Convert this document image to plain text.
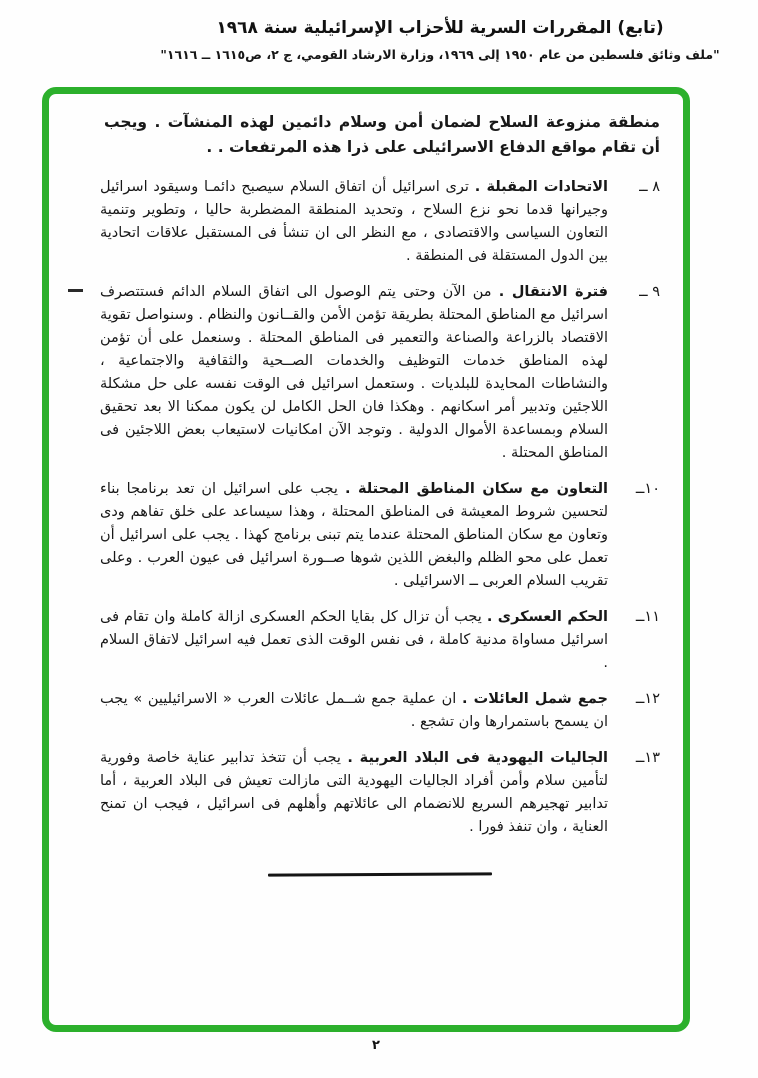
(تابع) المقررات السرية للأحزاب الإسرائيلية سنة ١٩٦٨
"ملف وثائق فلسطين من عام ١٩٥٠ إلى ١٩٦٩، وزارة الارشاد القومي، ج ٢، ص١٦١٥ ــ ١٦١٦"

منطقة منزوعة السلاح لضمان أمن وسلام دائمين لهذه المنشآت . ويجب أن تقام مواقع الدفاع الاسرائيلى على ذرا هذه المرتفعات . .

٨ ــ
الاتحادات المقبلة . ترى اسرائيل أن اتفاق السلام سيصبح دائمـا وسيقود اسرائيل وجيرانها قدما نحو نزع السلاح ، وتحديد المنطقة المضطربة حاليا ، وتطوير وتنمية التعاون السياسى والاقتصادى ، مع النظر الى ان تنشأ فى المستقبل علاقات اتحادية بين الدول المستقلة فى المنطقة .
٩ ــ
فترة الانتقال . من الآن وحتى يتم الوصول الى اتفاق السلام الدائم فستتصرف اسرائيل مع المناطق المحتلة بطريقة تؤمن الأمن والقــانون والنظام . وسنواصل تقوية الاقتصاد بالزراعة والصناعة والتعمير فى المناطق المحتلة . وسنعمل على أن تؤمن لهذه المناطق خدمات التوظيف والخدمات الصــحية والثقافية والاجتماعية ، والنشاطات المحايدة للبلديات . وستعمل اسرائيل فى الوقت نفسه على حل مشكلة اللاجئين وتدبير أمر اسكانهم . وهكذا فان الحل الكامل لن يكون ممكنا الا بعد تحقيق السلام وبمساعدة الأموال الدولية . وتوجد الآن امكانيات لاستيعاب بعض اللاجئين فى المناطق المحتلة .
١٠ــ
التعاون مع سكان المناطق المحتلة . يجب على اسرائيل ان تعد برنامجا بناء لتحسين شروط المعيشة فى المناطق المحتلة ، وهذا سيساعد على خلق تفاهم ودى وتعاون مع سكان المناطق المحتلة عندما يتم تبنى برنامج كهذا . يجب على اسرائيل أن تعمل على محو الظلم والبغض اللذين شوها صــورة اسرائيل فى عيون العرب . وعلى تقريب السلام العربى ــ الاسرائيلى .
١١ــ
الحكم العسكرى . يجب أن تزال كل بقايا الحكم العسكرى ازالة كاملة وان تقام فى اسرائيل مساواة مدنية كاملة ، فى نفس الوقت الذى تعمل فيه اسرائيل لاتفاق السلام .
١٢ــ
جمع شمل العائلات . ان عملية جمع شــمل عائلات العرب « الاسرائيليين » يجب ان يسمح باستمرارها وان تشجع .
١٣ــ
الجاليات اليهودية فى البلاد العربية . يجب أن تتخذ تدابير عناية خاصة وفورية لتأمين سلام وأمن أفراد الجاليات اليهودية التى مازالت تعيش فى البلاد العربية ، أما تدابير تهجيرهم السريع للانضمام الى عائلاتهم وأهلهم فى اسرائيل ، فيجب ان تمنح العناية ، وان تنفذ فورا .
٢
